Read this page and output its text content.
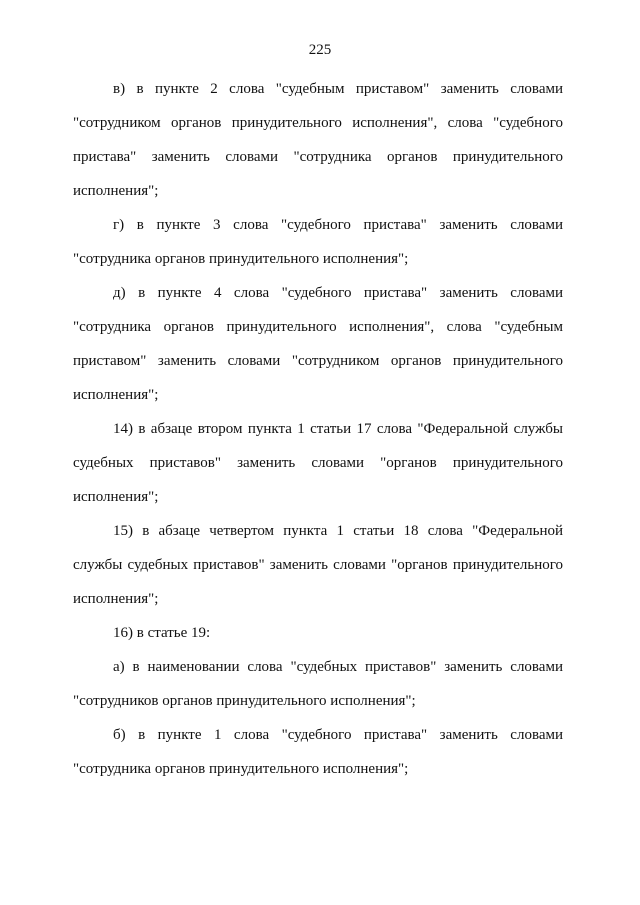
225

в) в пункте 2 слова "судебным приставом" заменить словами "сотрудником органов принудительного исполнения", слова "судебного пристава" заменить словами "сотрудника органов принудительного исполнения";

г) в пункте 3 слова "судебного пристава" заменить словами "сотрудника органов принудительного исполнения";

д) в пункте 4 слова "судебного пристава" заменить словами "сотрудника органов принудительного исполнения", слова "судебным приставом" заменить словами "сотрудником органов принудительного исполнения";

14) в абзаце втором пункта 1 статьи 17 слова "Федеральной службы судебных приставов" заменить словами "органов принудительного исполнения";

15) в абзаце четвертом пункта 1 статьи 18 слова "Федеральной службы судебных приставов" заменить словами "органов принудительного исполнения";

16) в статье 19:

а) в наименовании слова "судебных приставов" заменить словами "сотрудников органов принудительного исполнения";

б) в пункте 1 слова "судебного пристава" заменить словами "сотрудника органов принудительного исполнения";
